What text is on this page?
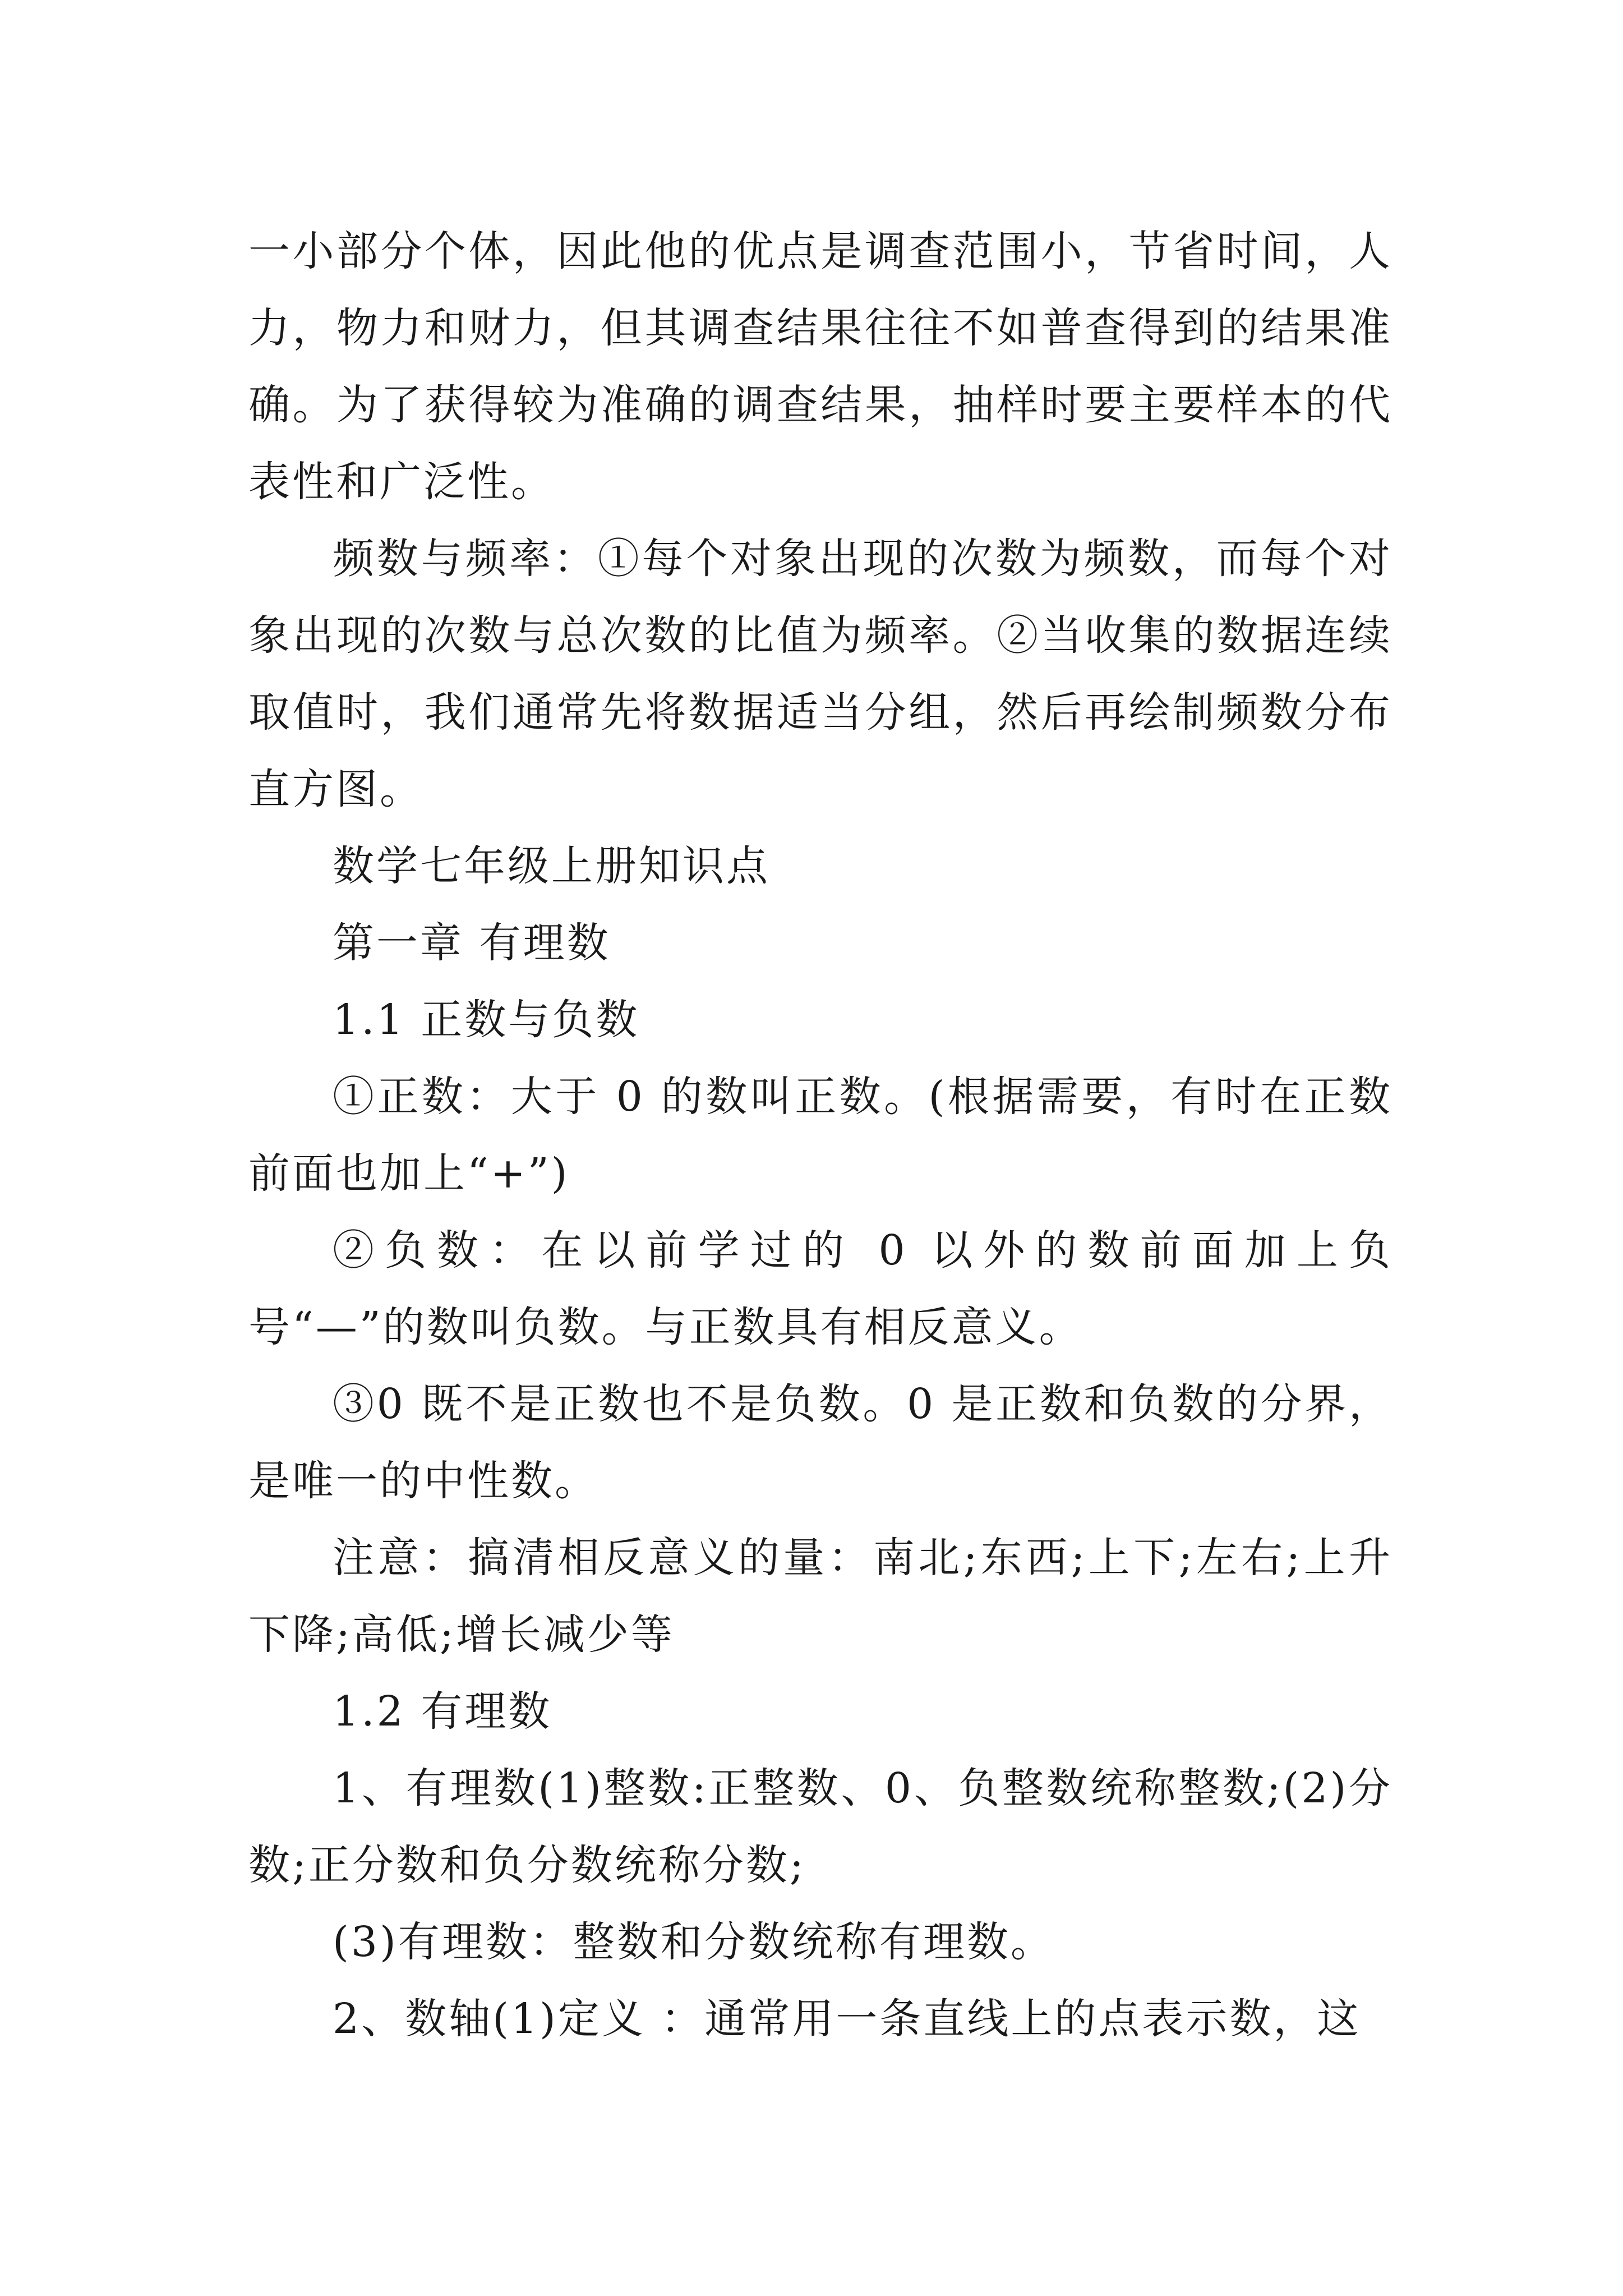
一小部分个体，因此他的优点是调查范围小，节省时间，人力，物力和财力，但其调查结果往往不如普查得到的结果准确。为了获得较为准确的调查结果，抽样时要主要样本的代表性和广泛性。

频数与频率：①每个对象出现的次数为频数，而每个对象出现的次数与总次数的比值为频率。②当收集的数据连续取值时，我们通常先将数据适当分组，然后再绘制频数分布直方图。

数学七年级上册知识点

第一章 有理数

1.1 正数与负数

①正数：大于 0 的数叫正数。(根据需要，有时在正数前面也加上“+”)

②负数：在以前学过的 0 以外的数前面加上负号“—”的数叫负数。与正数具有相反意义。

③0 既不是正数也不是负数。0 是正数和负数的分界，是唯一的中性数。

注意：搞清相反意义的量：南北;东西;上下;左右;上升下降;高低;增长减少等

1.2 有理数

1、有理数(1)整数:正整数、0、负整数统称整数;(2)分数;正分数和负分数统称分数;

(3)有理数：整数和分数统称有理数。

2、数轴(1)定义 ：通常用一条直线上的点表示数，这
